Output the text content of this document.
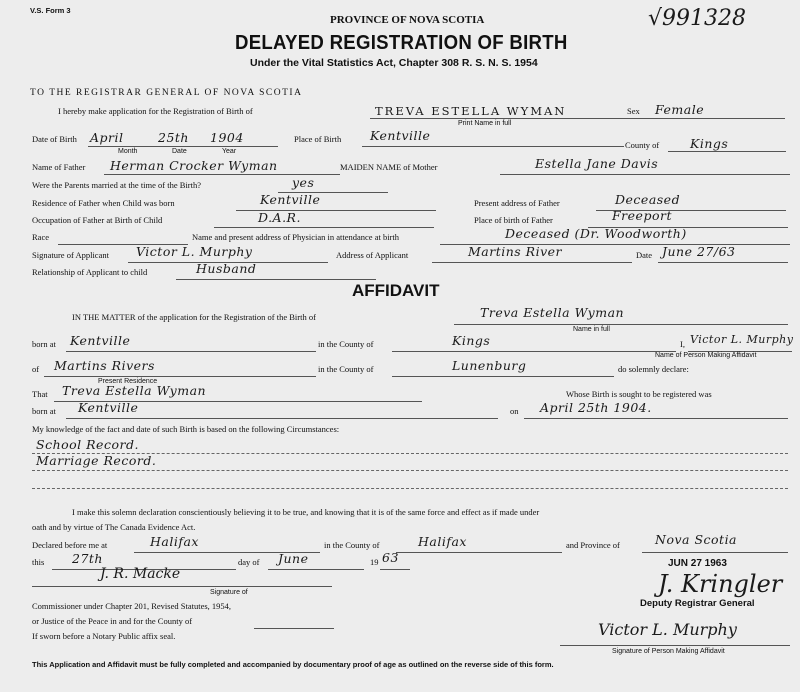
V.S. Form 3	√991328
PROVINCE OF NOVA SCOTIA
DELAYED REGISTRATION OF BIRTH
Under the Vital Statistics Act, Chapter 308 R. S. N. S. 1954
TO THE REGISTRAR GENERAL OF NOVA SCOTIA
I hereby make application for the Registration of Birth of	TREVA ESTELLA WYMAN
Print Name in full
Sex Female
Date of Birth April	25th 1904
Month	Date	Year
Place of Birth Kentville
County of Kings
Name of Father Herman Crocker Wyman	MAIDEN NAME of Mother	Estella Jane Davis
Were the Parents married at the time of the Birth?	yes
Residence of Father when Child was born	Kentville	Present address of Father	Deceased
Occupation of Father at Birth of Child	D.A.R.	Place of birth of Father	Freeport
Race	Name and present address of Physician in attendance at birth	Deceased (Dr. Woodworth)
Signature of Applicant Victor L. Murphy	Address of Applicant	Martins River	Date June 27/63
Relationship of Applicant to child	Husband
AFFIDAVIT
IN THE MATTER of the application for the Registration of the Birth of	Treva Estella Wyman
Name in full
born at Kentville	in the County of	Kings	I, Victor L. Murphy
Name of Person Making Affidavit
of Martins Rivers
Present Residence
in the County of	Lunenburg	do solemnly declare:
That Treva Estella Wyman	Whose Birth is sought to be registered was
born at Kentville	on April 25th 1904.
My knowledge of the fact and date of such Birth is based on the following Circumstances:
School Record.
Marriage Record.
I make this solemn declaration conscientiously believing it to be true, and knowing that it is of the same force and effect as if made under
oath and by virtue of The Canada Evidence Act.
Declared before me at	Halifax	in the County of	Halifax	and Province of	Nova Scotia
this 27th	day of June	19 63
J. R. Macke
Signature of
Commissioner under Chapter 201, Revised Statutes, 1954,
or Justice of the Peace in and for the County of
If sworn before a Notary Public affix seal.
JUN 27 1963
J. Kringler
Deputy Registrar General
Victor L. Murphy
Signature of Person Making Affidavit
This Application and Affidavit must be fully completed and accompanied by documentary proof of age as outlined on the reverse side of this form.
